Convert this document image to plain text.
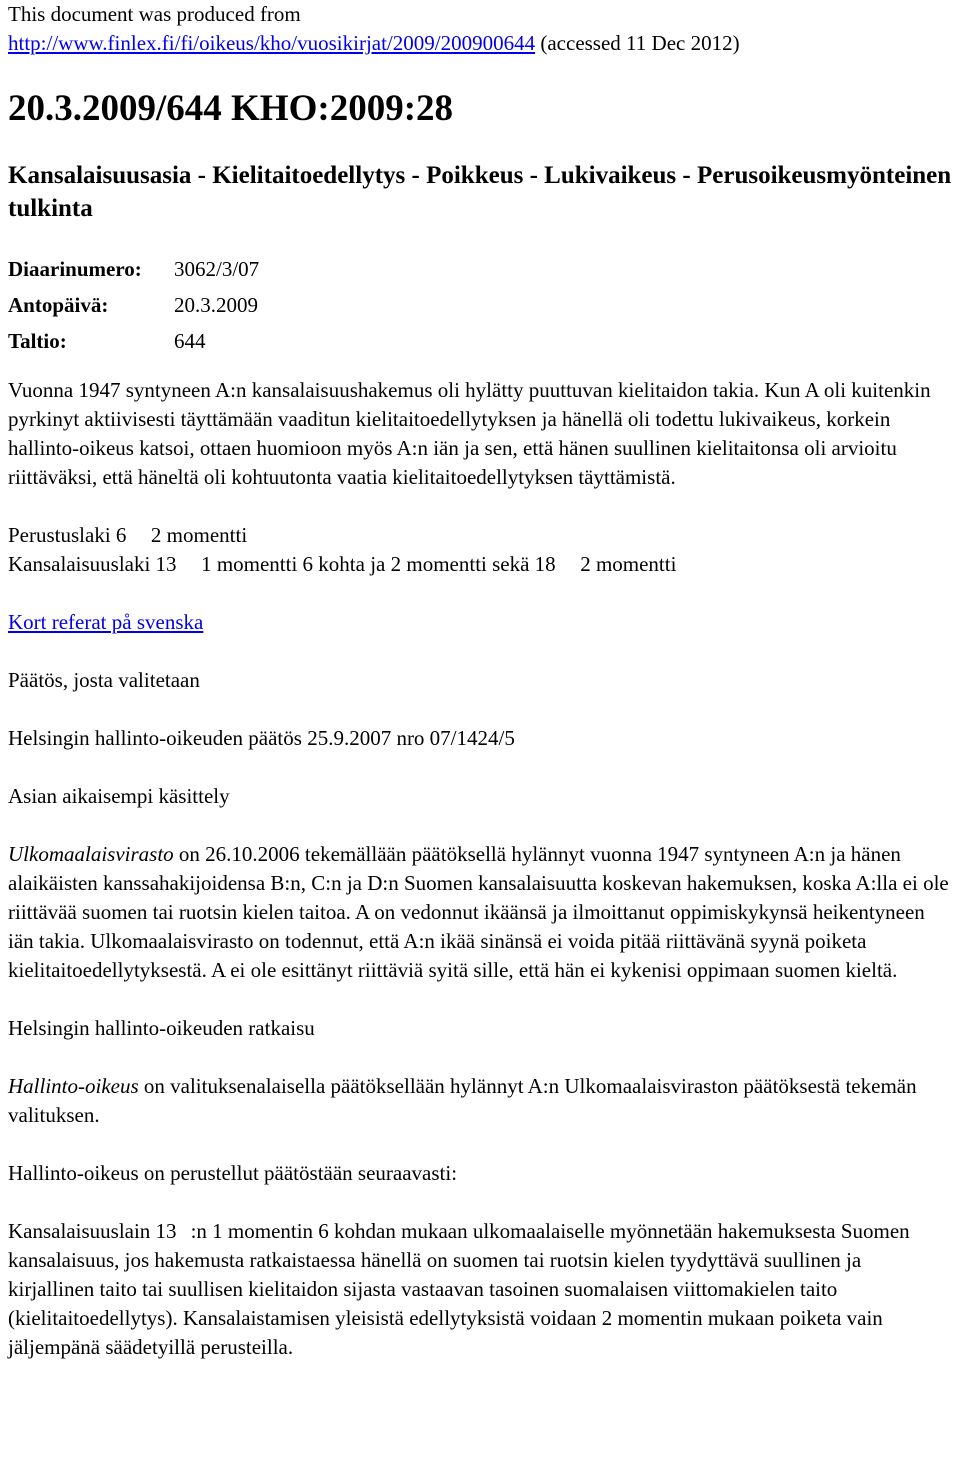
This document was produced from
http://www.finlex.fi/fi/oikeus/kho/vuosikirjat/2009/200900644 (accessed 11 Dec 2012)

20.3.2009/644 KHO:2009:28
Kansalaisuusasia - Kielitaitoedellytys - Poikkeus - Lukivaikeus - Perusoikeusmyönteinen tulkinta
Diaarinumero:	3062/3/07
Antopäivä:	20.3.2009
Taltio:	644

Vuonna 1947 syntyneen A:n kansalaisuushakemus oli hylätty puuttuvan kielitaidon takia. Kun A oli kuitenkin pyrkinyt aktiivisesti täyttämään vaaditun kielitaitoedellytyksen ja hänellä oli todettu lukivaikeus, korkein hallinto-oikeus katsoi, ottaen huomioon myös A:n iän ja sen, että hänen suullinen kielitaitonsa oli arvioitu riittäväksi, että häneltä oli kohtuutonta vaatia kielitaitoedellytyksen täyttämistä.

Perustuslaki 6 2 momentti
Kansalaisuuslaki 13 1 momentti 6 kohta ja 2 momentti sekä 18 2 momentti

Kort referat på svenska

Päätös, josta valitetaan

Helsingin hallinto-oikeuden päätös 25.9.2007 nro 07/1424/5

Asian aikaisempi käsittely

Ulkomaalaisvirasto on 26.10.2006 tekemällään päätöksellä hylännyt vuonna 1947 syntyneen A:n ja hänen alaikäisten kanssahakijoidensa B:n, C:n ja D:n Suomen kansalaisuutta koskevan hakemuksen, koska A:lla ei ole riittävää suomen tai ruotsin kielen taitoa. A on vedonnut ikäänsä ja ilmoittanut oppimiskykynsä heikentyneen iän takia. Ulkomaalaisvirasto on todennut, että A:n ikää sinänsä ei voida pitää riittävänä syynä poiketa kielitaitoedellytyksestä. A ei ole esittänyt riittäviä syitä sille, että hän ei kykenisi oppimaan suomen kieltä.

Helsingin hallinto-oikeuden ratkaisu

Hallinto-oikeus on valituksenalaisella päätöksellään hylännyt A:n Ulkomaalaisviraston päätöksestä tekemän valituksen.

Hallinto-oikeus on perustellut päätöstään seuraavasti:

Kansalaisuuslain 13 :n 1 momentin 6 kohdan mukaan ulkomaalaiselle myönnetään hakemuksesta Suomen kansalaisuus, jos hakemusta ratkaistaessa hänellä on suomen tai ruotsin kielen tyydyttävä suullinen ja kirjallinen taito tai suullisen kielitaidon sijasta vastaavan tasoinen suomalaisen viittomakielen taito (kielitaitoedellytys). Kansalaistamisen yleisistä edellytyksistä voidaan 2 momentin mukaan poiketa vain jäljempänä säädetyillä perusteilla.
